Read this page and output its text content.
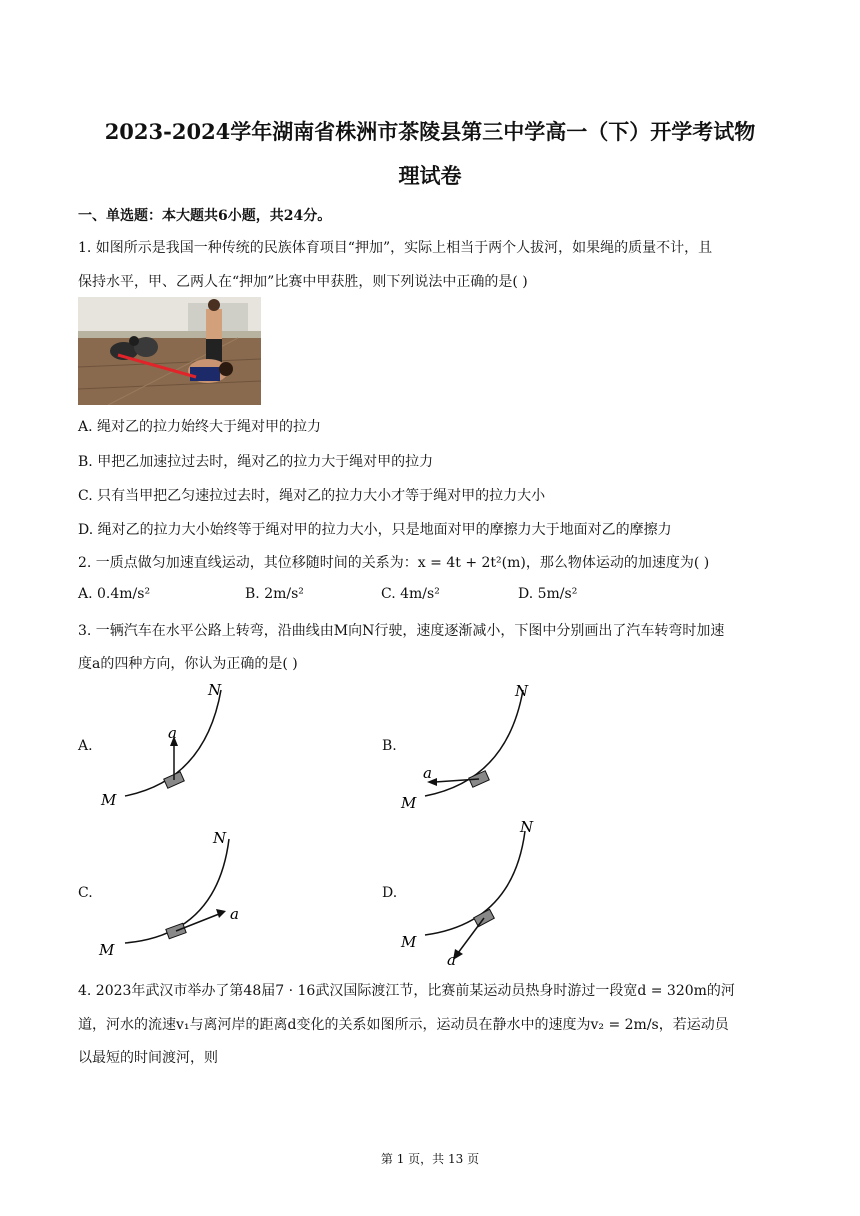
2023-2024学年湖南省株洲市茶陵县第三中学高一（下）开学考试物
理试卷
一、单选题：本大题共6小题，共24分。
1. 如图所示是我国一种传统的民族体育项目“押加”，实际上相当于两个人拔河，如果绳的质量不计，且
保持水平，甲、乙两人在“押加”比赛中甲获胜，则下列说法中正确的是( )
A. 绳对乙的拉力始终大于绳对甲的拉力
B. 甲把乙加速拉过去时，绳对乙的拉力大于绳对甲的拉力
C. 只有当甲把乙匀速拉过去时，绳对乙的拉力大小才等于绳对甲的拉力大小
D. 绳对乙的拉力大小始终等于绳对甲的拉力大小，只是地面对甲的摩擦力大于地面对乙的摩擦力
2. 一质点做匀加速直线运动，其位移随时间的关系为：x = 4t + 2t²(m)，那么物体运动的加速度为( )
A. 0.4m/s²	B. 2m/s²	C. 4m/s²	D. 5m/s²
3. 一辆汽车在水平公路上转弯，沿曲线由M向N行驶，速度逐渐减小，下图中分别画出了汽车转弯时加速
度a的四种方向，你认为正确的是( )
A.	B.
C.	D.
a
M
N
a
M
N
a
M
N
a
M
N
4. 2023年武汉市举办了第48届7 · 16武汉国际渡江节，比赛前某运动员热身时游过一段宽d = 320m的河
道，河水的流速v₁与离河岸的距离d变化的关系如图所示，运动员在静水中的速度为v₂ = 2m/s，若运动员
以最短的时间渡河，则
第 1 页，共 13 页
